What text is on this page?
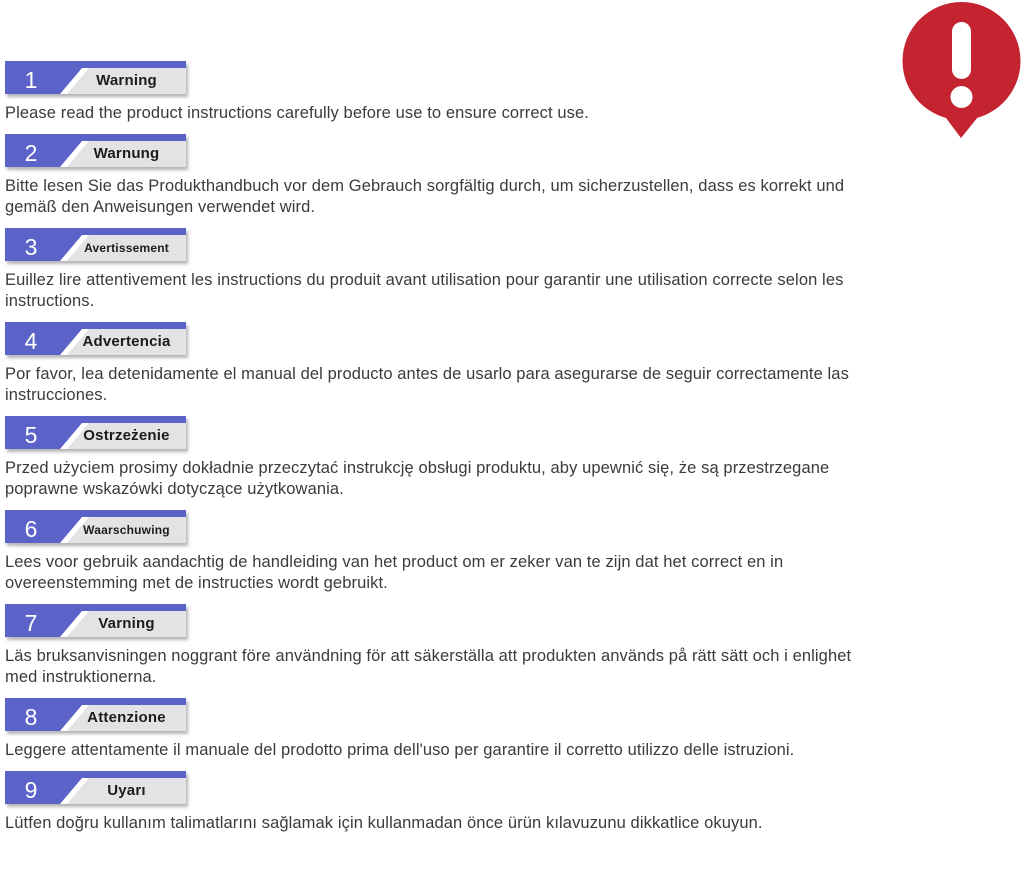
1	Warning

Please read the product instructions carefully before use to ensure correct use.

2	Warnung

Bitte lesen Sie das Produkthandbuch vor dem Gebrauch sorgfältig durch, um sicherzustellen, dass es korrekt und gemäß den Anweisungen verwendet wird.

3	Avertissement

Euillez lire attentivement les instructions du produit avant utilisation pour garantir une utilisation correcte selon les instructions.

4	Advertencia

Por favor, lea detenidamente el manual del producto antes de usarlo para asegurarse de seguir correctamente las instrucciones.

5	Ostrzeżenie

Przed użyciem prosimy dokładnie przeczytać instrukcję obsługi produktu, aby upewnić się, że są przestrzegane poprawne wskazówki dotyczące użytkowania.

6	Waarschuwing

Lees voor gebruik aandachtig de handleiding van het product om er zeker van te zijn dat het correct en in overeenstemming met de instructies wordt gebruikt.

7	Varning

Läs bruksanvisningen noggrant före användning för att säkerställa att produkten används på rätt sätt och i enlighet med instruktionerna.

8	Attenzione

Leggere attentamente il manuale del prodotto prima dell'uso per garantire il corretto utilizzo delle istruzioni.

9	Uyarı

Lütfen doğru kullanım talimatlarını sağlamak için kullanmadan önce ürün kılavuzunu dikkatlice okuyun.
